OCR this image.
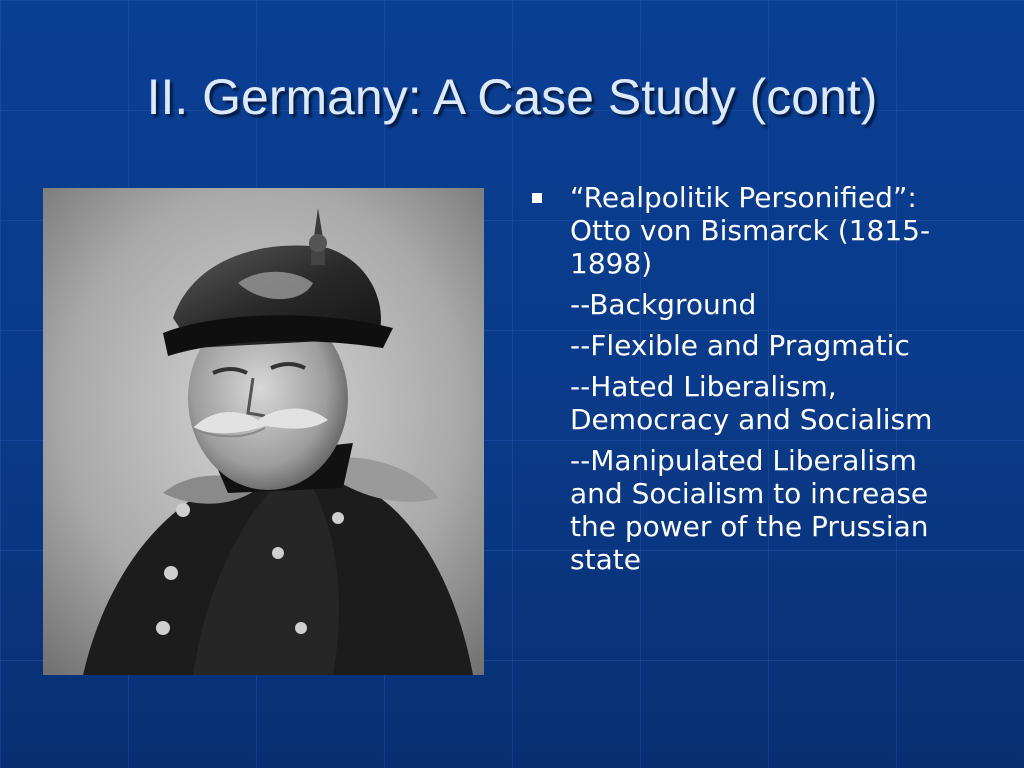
II. Germany: A Case Study (cont)

“Realpolitik Personified”: Otto von Bismarck (1815-1898)

--Background

--Flexible and Pragmatic

--Hated Liberalism, Democracy and Socialism

--Manipulated Liberalism and Socialism to increase the power of the Prussian state
